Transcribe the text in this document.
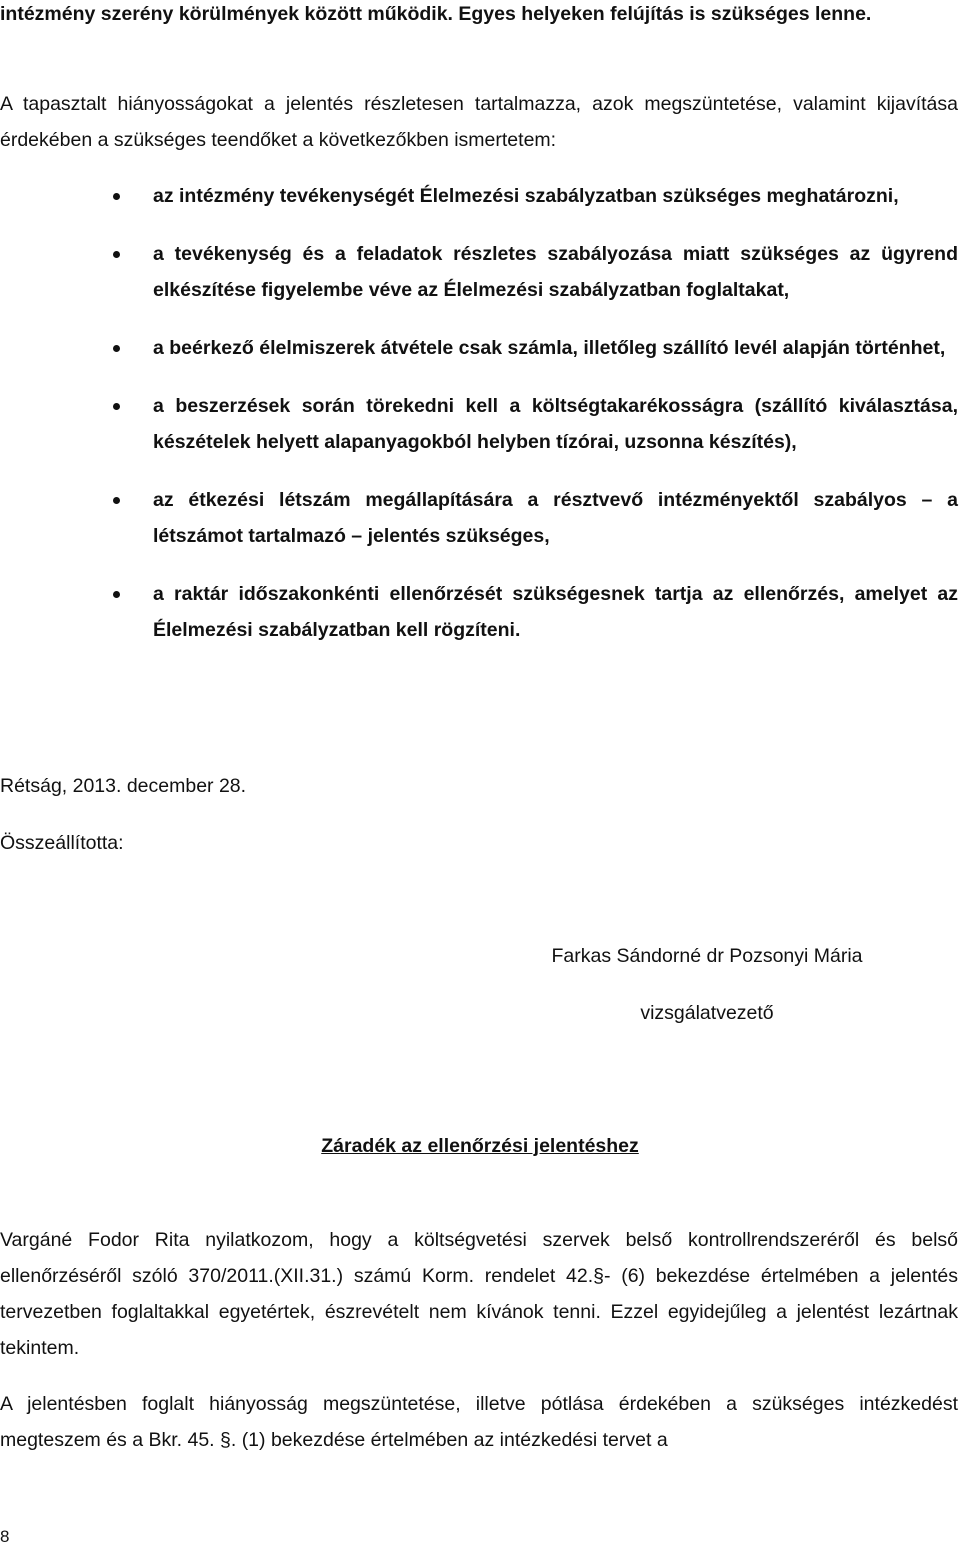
intézmény szerény körülmények között működik. Egyes helyeken felújítás is szükséges lenne.

A tapasztalt hiányosságokat a jelentés részletesen tartalmazza, azok megszüntetése, valamint kijavítása érdekében a szükséges teendőket a következőkben ismertetem:

az intézmény tevékenységét Élelmezési szabályzatban szükséges meghatározni,
a tevékenység és a feladatok részletes szabályozása miatt szükséges az ügyrend elkészítése figyelembe véve az Élelmezési szabályzatban foglaltakat,
a beérkező élelmiszerek átvétele csak számla, illetőleg szállító levél alapján történhet,
a beszerzések során törekedni kell a költségtakarékosságra (szállító kiválasztása, készételek helyett alapanyagokból helyben tízórai, uzsonna készítés),
az étkezési létszám megállapítására a résztvevő intézményektől szabályos – a létszámot tartalmazó – jelentés szükséges,
a raktár időszakonkénti ellenőrzését szükségesnek tartja az ellenőrzés, amelyet az Élelmezési szabályzatban kell rögzíteni.

Rétság, 2013. december 28.

Összeállította:

Farkas Sándorné dr Pozsonyi Mária

vizsgálatvezető

Záradék az ellenőrzési jelentéshez

Vargáné Fodor Rita nyilatkozom, hogy a költségvetési szervek belső kontrollrendszeréről és belső ellenőrzéséről szóló 370/2011.(XII.31.) számú Korm. rendelet 42.§- (6) bekezdése értelmében a jelentés tervezetben foglaltakkal egyetértek, észrevételt nem kívánok tenni. Ezzel egyidejűleg a jelentést lezártnak tekintem.

A jelentésben foglalt hiányosság megszüntetése, illetve pótlása érdekében a szükséges intézkedést megteszem és a Bkr. 45. §. (1) bekezdése értelmében az intézkedési tervet a

8
